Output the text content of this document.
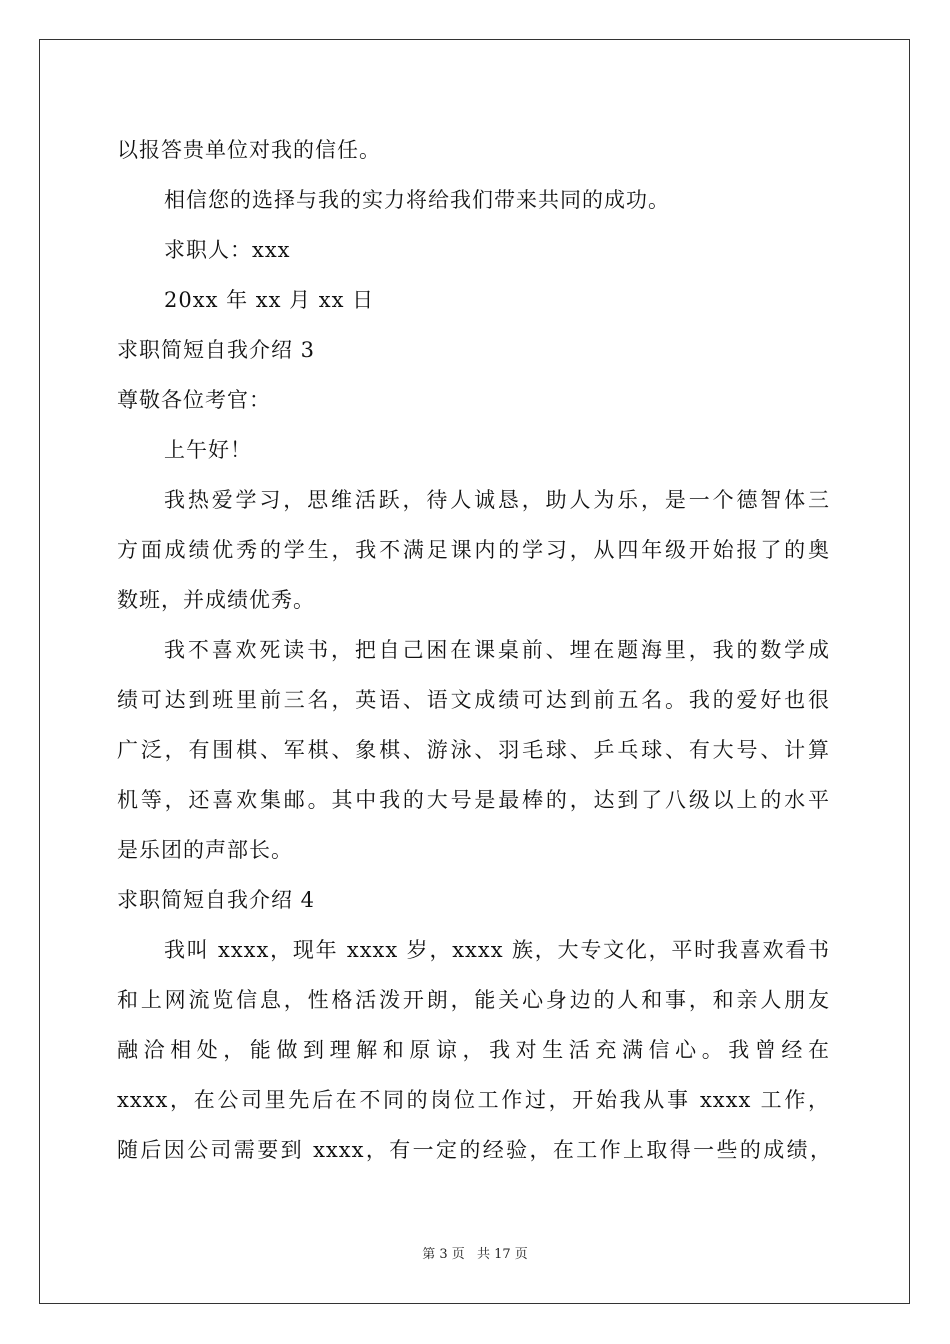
以报答贵单位对我的信任。
相信您的选择与我的实力将给我们带来共同的成功。
求职人：xxx
20xx 年 xx 月 xx 日
求职简短自我介绍 3
尊敬各位考官：
上午好！
我热爱学习，思维活跃，待人诚恳，助人为乐，是一个德智体三
方面成绩优秀的学生，我不满足课内的学习，从四年级开始报了的奥
数班，并成绩优秀。
我不喜欢死读书，把自己困在课桌前、埋在题海里，我的数学成
绩可达到班里前三名，英语、语文成绩可达到前五名。我的爱好也很
广泛，有围棋、军棋、象棋、游泳、羽毛球、乒乓球、有大号、计算
机等，还喜欢集邮。其中我的大号是最棒的，达到了八级以上的水平
是乐团的声部长。
求职简短自我介绍 4
我叫 xxxx，现年 xxxx 岁，xxxx 族，大专文化，平时我喜欢看书
和上网流览信息，性格活泼开朗，能关心身边的人和事，和亲人朋友
融洽相处，能做到理解和原谅，我对生活充满信心。我曾经在
xxxx，在公司里先后在不同的岗位工作过，开始我从事 xxxx 工作，
随后因公司需要到 xxxx，有一定的经验，在工作上取得一些的成绩，
第 3 页 共 17 页
